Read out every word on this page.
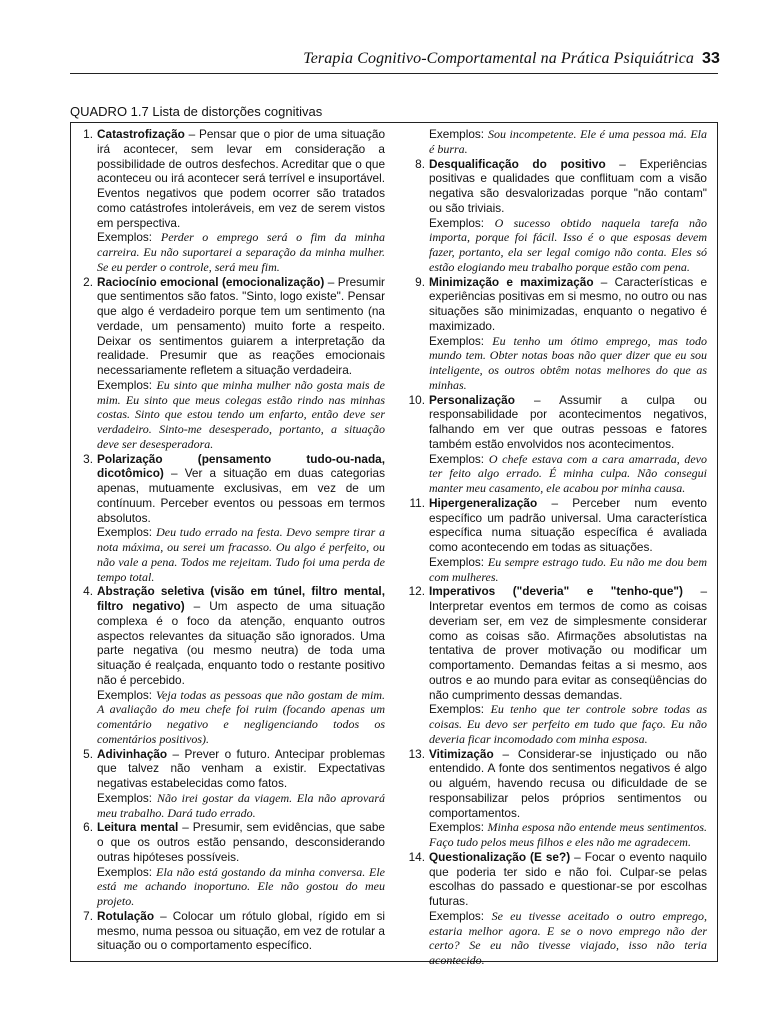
Terapia Cognitivo-Comportamental na Prática Psiquiátrica 33
QUADRO 1.7 Lista de distorções cognitivas
1. Catastrofização – Pensar que o pior de uma situação irá acontecer, sem levar em consideração a possibilidade de outros desfechos. Acreditar que o que aconteceu ou irá acontecer será terrível e insuportável. Eventos negativos que podem ocorrer são tratados como catástrofes intoleráveis, em vez de serem vistos em perspectiva.

Exemplos: Perder o emprego será o fim da minha carreira. Eu não suportarei a separação da minha mulher. Se eu perder o controle, será meu fim.

2. Raciocínio emocional (emocionalização) – Presumir que sentimentos são fatos. "Sinto, logo existe". Pensar que algo é verdadeiro porque tem um sentimento (na verdade, um pensamento) muito forte a respeito. Deixar os sentimentos guiarem a interpretação da realidade. Presumir que as reações emocionais necessariamente refletem a situação verdadeira.

Exemplos: Eu sinto que minha mulher não gosta mais de mim. Eu sinto que meus colegas estão rindo nas minhas costas. Sinto que estou tendo um enfarto, então deve ser verdadeiro. Sinto-me desesperado, portanto, a situação deve ser desesperadora.

3. Polarização (pensamento tudo-ou-nada, dicotômico) – Ver a situação em duas categorias apenas, mutuamente exclusivas, em vez de um contínuum. Perceber eventos ou pessoas em termos absolutos.

Exemplos: Deu tudo errado na festa. Devo sempre tirar a nota máxima, ou serei um fracasso. Ou algo é perfeito, ou não vale a pena. Todos me rejeitam. Tudo foi uma perda de tempo total.

4. Abstração seletiva (visão em túnel, filtro mental, filtro negativo) – Um aspecto de uma situação complexa é o foco da atenção, enquanto outros aspectos relevantes da situação são ignorados. Uma parte negativa (ou mesmo neutra) de toda uma situação é realçada, enquanto todo o restante positivo não é percebido.

Exemplos: Veja todas as pessoas que não gostam de mim. A avaliação do meu chefe foi ruim (focando apenas um comentário negativo e negligenciando todos os comentários positivos).

5. Adivinhação – Prever o futuro. Antecipar problemas que talvez não venham a existir. Expectativas negativas estabelecidas como fatos.

Exemplos: Não irei gostar da viagem. Ela não aprovará meu trabalho. Dará tudo errado.

6. Leitura mental – Presumir, sem evidências, que sabe o que os outros estão pensando, desconsiderando outras hipóteses possíveis.

Exemplos: Ela não está gostando da minha conversa. Ele está me achando inoportuno. Ele não gostou do meu projeto.

7. Rotulação – Colocar um rótulo global, rígido em si mesmo, numa pessoa ou situação, em vez de rotular a situação ou o comportamento específico.

Exemplos: Sou incompetente. Ele é uma pessoa má. Ela é burra.

8. Desqualificação do positivo – Experiências positivas e qualidades que conflituam com a visão negativa são desvalorizadas porque "não contam" ou são triviais.

Exemplos: O sucesso obtido naquela tarefa não importa, porque foi fácil. Isso é o que esposas devem fazer, portanto, ela ser legal comigo não conta. Eles só estão elogiando meu trabalho porque estão com pena.

9. Minimização e maximização – Características e experiências positivas em si mesmo, no outro ou nas situações são minimizadas, enquanto o negativo é maximizado.

Exemplos: Eu tenho um ótimo emprego, mas todo mundo tem. Obter notas boas não quer dizer que eu sou inteligente, os outros obtêm notas melhores do que as minhas.

10. Personalização – Assumir a culpa ou responsabilidade por acontecimentos negativos, falhando em ver que outras pessoas e fatores também estão envolvidos nos acontecimentos.

Exemplos: O chefe estava com a cara amarrada, devo ter feito algo errado. É minha culpa. Não consegui manter meu casamento, ele acabou por minha causa.

11. Hipergeneralização – Perceber num evento específico um padrão universal. Uma característica específica numa situação específica é avaliada como acontecendo em todas as situações.

Exemplos: Eu sempre estrago tudo. Eu não me dou bem com mulheres.

12. Imperativos ("deveria" e "tenho-que") – Interpretar eventos em termos de como as coisas deveriam ser, em vez de simplesmente considerar como as coisas são. Afirmações absolutistas na tentativa de prover motivação ou modificar um comportamento. Demandas feitas a si mesmo, aos outros e ao mundo para evitar as conseqüências do não cumprimento dessas demandas.

Exemplos: Eu tenho que ter controle sobre todas as coisas. Eu devo ser perfeito em tudo que faço. Eu não deveria ficar incomodado com minha esposa.

13. Vitimização – Considerar-se injustiçado ou não entendido. A fonte dos sentimentos negativos é algo ou alguém, havendo recusa ou dificuldade de se responsabilizar pelos próprios sentimentos ou comportamentos.

Exemplos: Minha esposa não entende meus sentimentos. Faço tudo pelos meus filhos e eles não me agradecem.

14. Questionalização (E se?) – Focar o evento naquilo que poderia ter sido e não foi. Culpar-se pelas escolhas do passado e questionar-se por escolhas futuras.

Exemplos: Se eu tivesse aceitado o outro emprego, estaria melhor agora. E se o novo emprego não der certo? Se eu não tivesse viajado, isso não teria acontecido.
